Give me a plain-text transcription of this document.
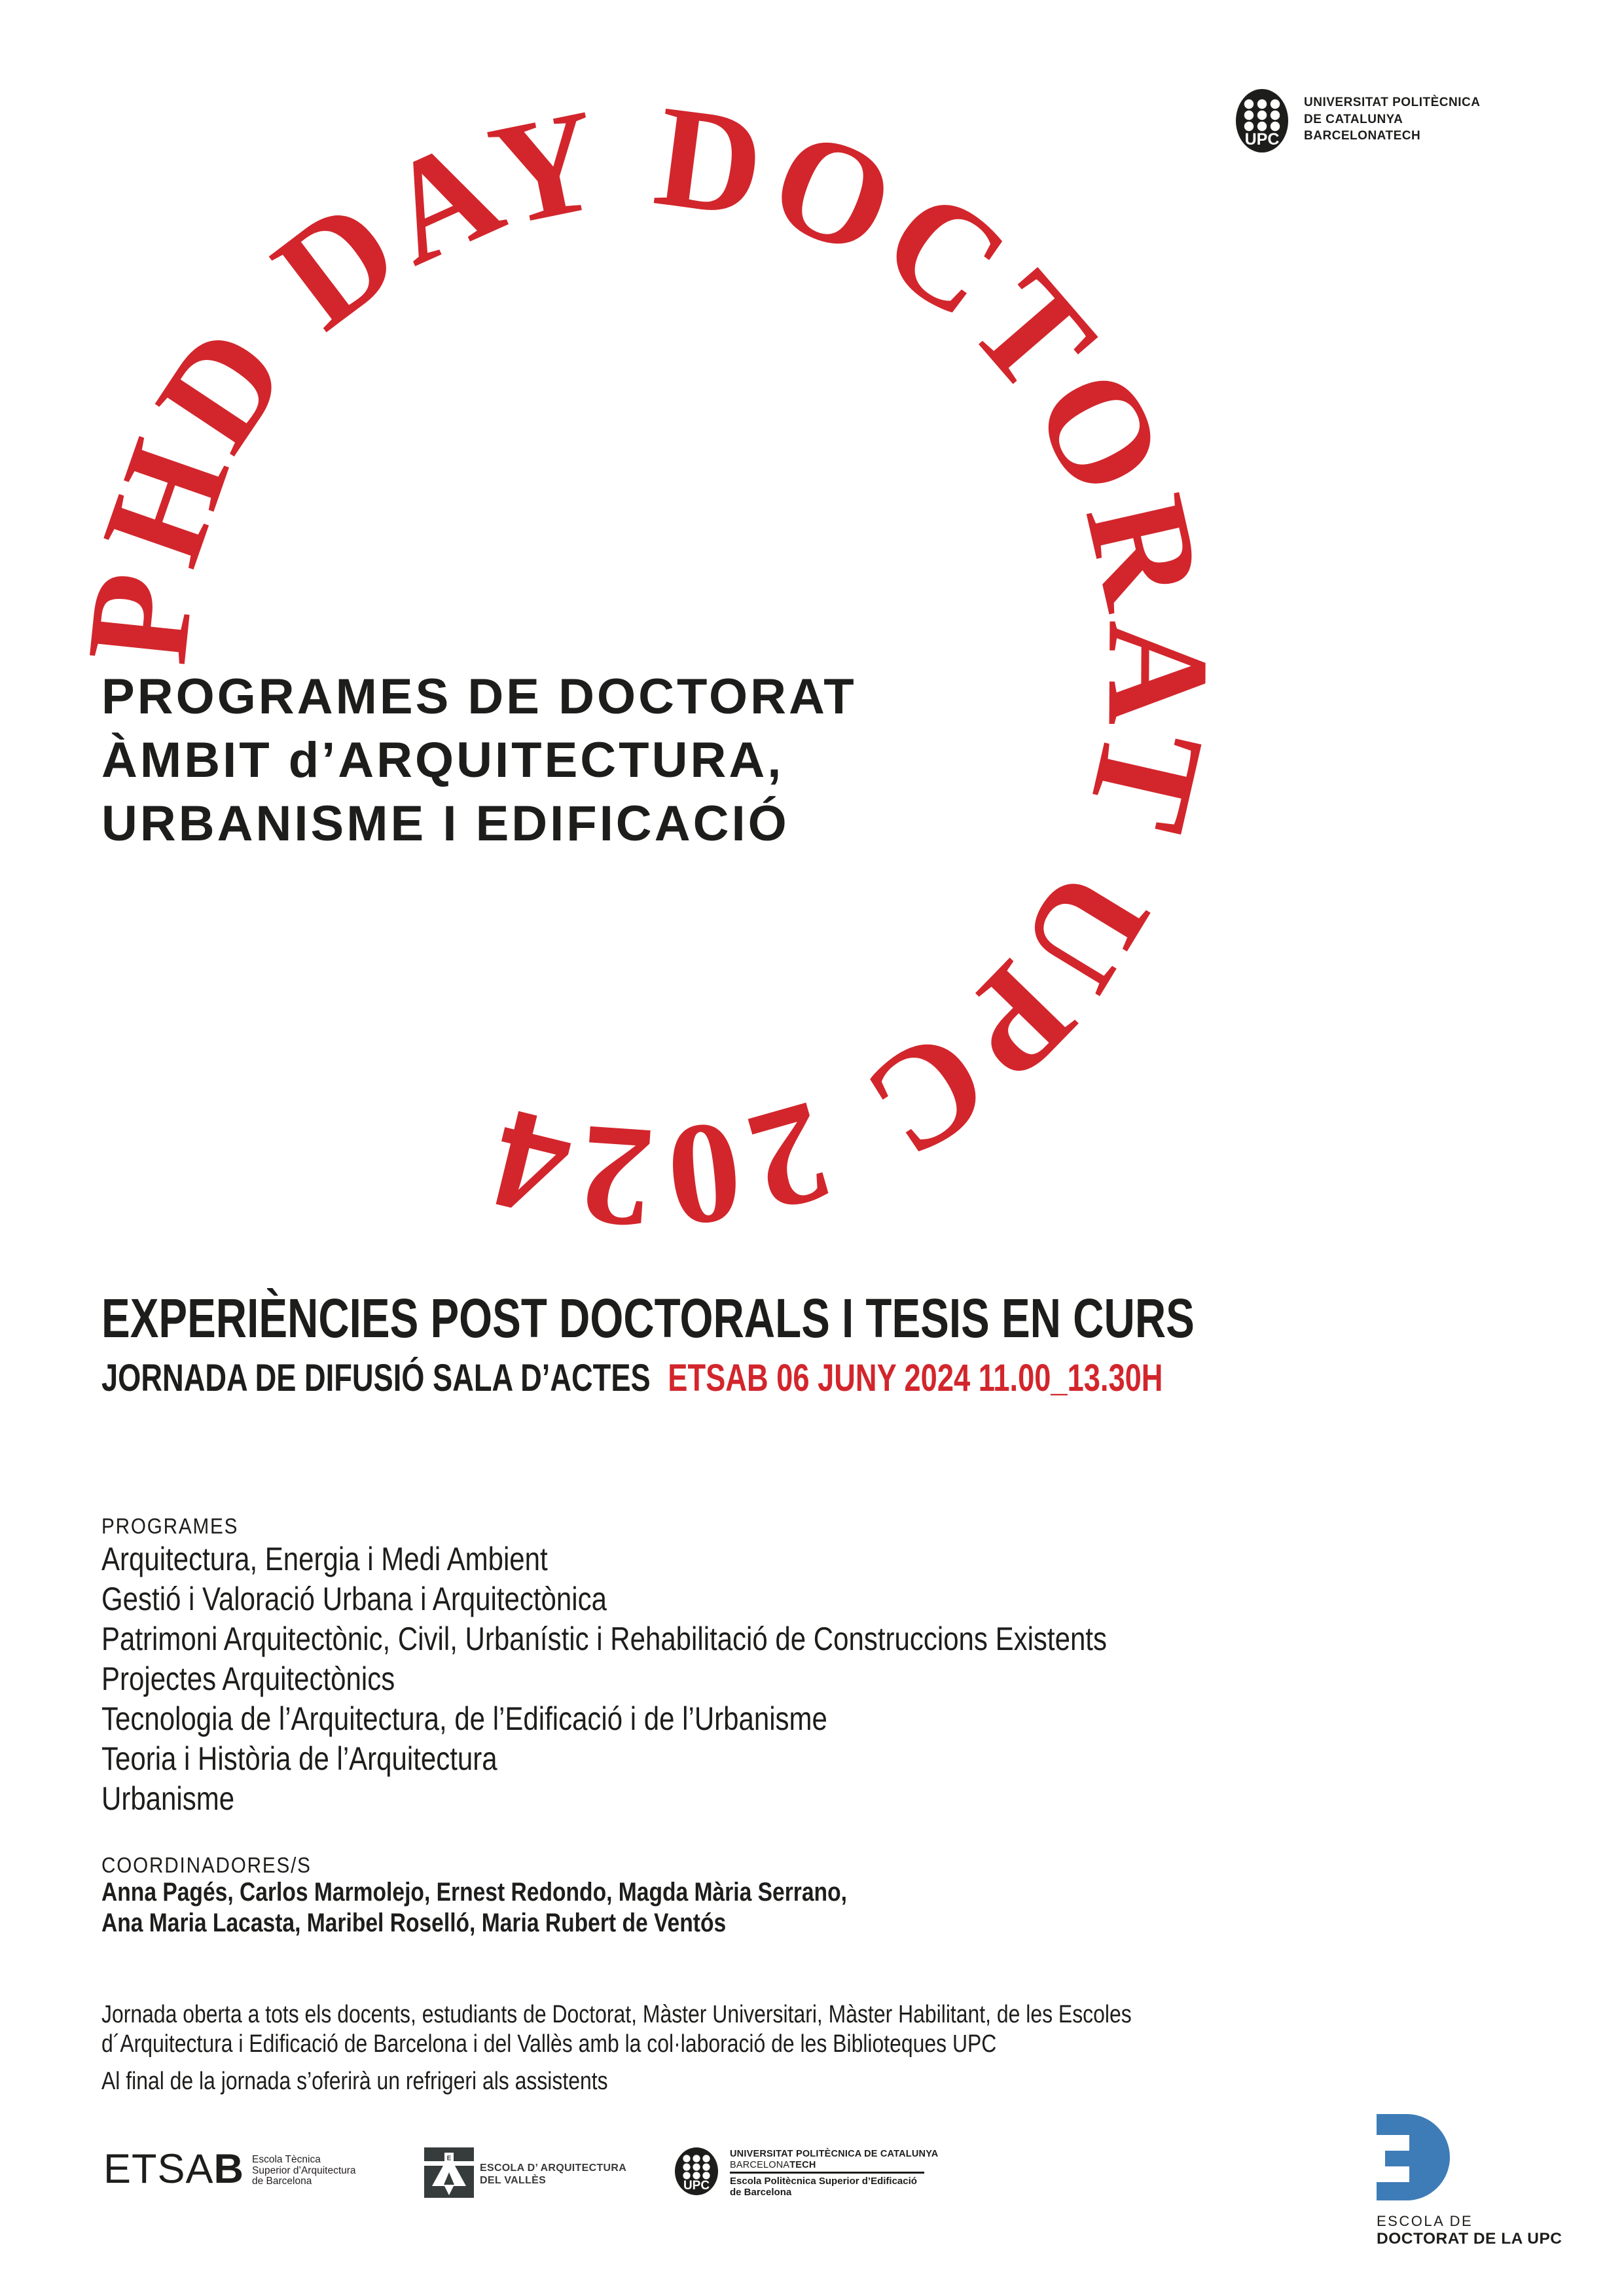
PHD DAY DOCTORAT UPC 2024
UPC
UNIVERSITAT POLITÈCNICA
DE CATALUNYA
BARCELONATECH
PROGRAMES DE DOCTORAT
ÀMBIT d’ARQUITECTURA,
URBANISME I EDIFICACIÓ
EXPERIÈNCIES POST DOCTORALS I TESIS EN CURS
JORNADA DE DIFUSIÓ SALA D’ACTES ETSAB 06 JUNY 2024 11.00_13.30H
PROGRAMES
Arquitectura, Energia i Medi Ambient
Gestió i Valoració Urbana i Arquitectònica
Patrimoni Arquitectònic, Civil, Urbanístic i Rehabilitació de Construccions Existents
Projectes Arquitectònics
Tecnologia de l’Arquitectura, de l’Edificació i de l’Urbanisme
Teoria i Història de l’Arquitectura
Urbanisme
COORDINADORES/S
Anna Pagés, Carlos Marmolejo, Ernest Redondo, Magda Mària Serrano,
Ana Maria Lacasta, Maribel Roselló, Maria Rubert de Ventós
Jornada oberta a tots els docents, estudiants de Doctorat, Màster Universitari, Màster Habilitant, de les Escoles
d´Arquitectura i Edificació de Barcelona i del Vallès amb la col·laboració de les Biblioteques UPC
Al final de la jornada s’oferirà un refrigeri als assistents
ETSAB Escola Tècnica
Superior d’Arquitectura
de Barcelona
E
ESCOLA D’ ARQUITECTURA
DEL VALLÈS	UPC
UNIVERSITAT POLITÈCNICA DE CATALUNYA
BARCELONATECH
Escola Politècnica Superior d’Edificació
de Barcelona
ESCOLA DE
DOCTORAT DE LA UPC
